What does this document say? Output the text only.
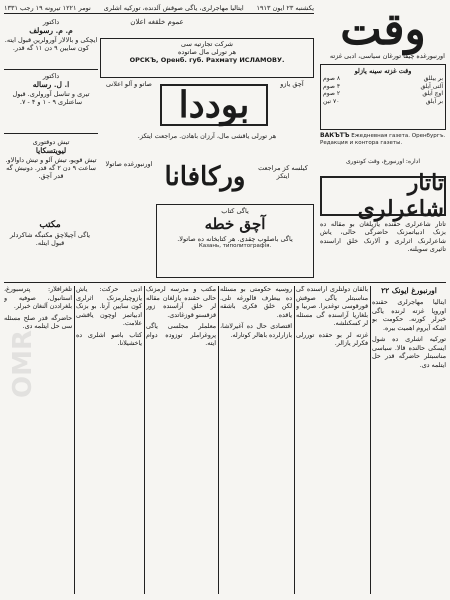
وقت
اورنبورغده چیقا تورغان سیاسی، ادبی غزته
یکشنبه ۲۳ ایون ۱۹۱۳
ایتالیا مهاجرلری، یاگی صوقش آلدنده، تورکیه اشلری
نومر ۱۲۲۱ تیرونه ۱۹ رجب ۱۳۳۱
داکتور
م. م. رسولف
ایچکی و بالالار آورولرین قبول ایته. کون سایین ۹ دن ۱۱ گه قدر.
داکتور
ا. ل. رساله
تیری و تناسل آورولری. قبول ساعتلری ۹ - ۱ و ۴ - ۷.
تیش دوقتوری
لیویتسکایا
تیش قویو، تیش آلو و تیش داوالاو. ساعت ۹ دن ۲ گه قدر. دونیش گه قدر آچق.
عموم خلقغه اعلان
شرکت تجارتیه سی
هر تورلی مال صاتوده
ОРСКЪ, Оренб. губ. Рахмату ИСЛАМОВУ.
صاتو و آلو اعلانی بوددا	آچق یازو
هر تورلی یاقشی مال، آرزان باهادن. مراجعت ایتکز.
اورنبورغده صاتولا ورکافانا	کیلسه کز مراجعت ایتکز
وقت غزته سینه یازلو
بر ییللق
۸ صوم
آلتی آیلق
۴ صوم
اوچ آیلق
۲ صوم
بر آیلق
۷۰ تین
ВАКЪТЪ Ежедневная газета. Оренбургъ. Редакция и контора газеты.
اداره: اورنبورغ، وقت کونتوری
تاتار شاعرلری
تاتار شاعرلری حقنده یازیلغان بو مقاله ده بزنک ادبیاتمزنک حاضرگی حالی، یاش شاعرلرنک اثرلری و آلارنک خلق اراسنده تاثیری سویلنه.
مکتب
یاگی آچیلاچق مکتبگه شاکردلر قبول ایتله.
یاگی کتاب
آچق خطه
یاگی باصلوب چقدی. هر کتابخانه ده صاتولا.
Казань, типолитографія.
OMR
اورنبورغ ایونک ۲۲

ایتالیا مهاجرلری حقنده اوروپا غزته لرنده یاگی خبرلر کورنه. حکومت بو اشکه آیروم اهمیت بیره.

تورکیه اشلری ده شول ایسکی حالنده قالا. سیاسی مناسبتلر حاضرگه قدر حل ایتلمه دی.

بالقان دولتلری اراسنده گی مناسبتلر یاگی صوقش قورقوسی توغدیرا. صربیا و بلغاریا آراسنده گی مسئله لر کسکنلشه.

غزته لر بو حقده توررلی فکرلر یازالر.

روسیه حکومتی بو مسئله ده بیطرف قالورغه تلی. لکن خلق فکری باشقه یاقده.

اقتصادی حال ده آغیرلاشا، بازارلرده باهالر کوتارله.

مکتب و مدرسه لرمزنک حالی حقنده یازلغان مقاله لر خلق آراسنده زور قزقسنو قوزغاتدی.

معلملر مجلسی یاگی پروغراملر توزوده دوام ایته.

ادبی حرکت: یاش یازوچیلرمزنک اثرلری کون سایین آرتا. بو بزنک ادبیاتمز اوچون یاقشی علامت.

کتاب باصو اشلری ده یاخشیلانا.

تلغرافلار: پترسبورغ، استانبول، صوفیه و بلغراددن آلنغان خبرلر.

حاضرگه قدر صلح مسئله سی حل ایتلمه دی.
